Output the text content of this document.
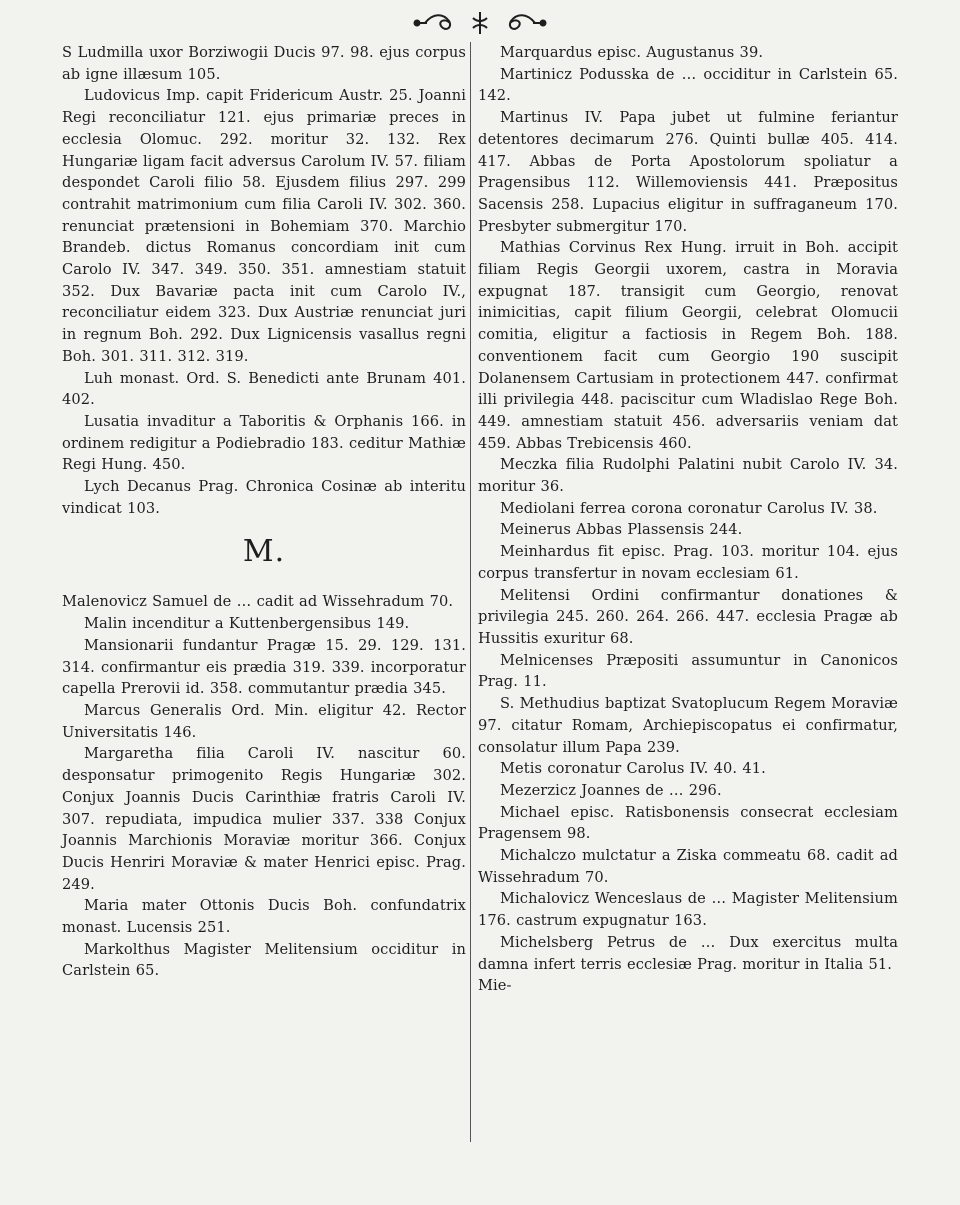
S Ludmilla uxor Borziwogii Ducis 97. 98. ejus corpus ab igne illæsum 105.

Ludovicus Imp. capit Fridericum Austr. 25. Joanni Regi reconciliatur 121. ejus primariæ preces in ecclesia Olomuc. 292. moritur 32. 132. Rex Hungariæ ligam facit adversus Carolum IV. 57. filiam despondet Caroli filio 58. Ejusdem filius 297. 299 contrahit matrimonium cum filia Caroli IV. 302. 360. renunciat prætensioni in Bohemiam 370. Marchio Brandeb. dictus Romanus concordiam init cum Carolo IV. 347. 349. 350. 351. amnestiam statuit 352. Dux Bavariæ pacta init cum Carolo IV., reconciliatur eidem 323. Dux Austriæ renunciat juri in regnum Boh. 292. Dux Lignicensis vasallus regni Boh. 301. 311. 312. 319.

Luh monast. Ord. S. Benedicti ante Brunam 401. 402.

Lusatia invaditur a Taboritis & Orphanis 166. in ordinem redigitur a Podiebradio 183. ceditur Mathiæ Regi Hung. 450.

Lych Decanus Prag. Chronica Cosinæ ab interitu vindicat 103.

M.

Malenovicz Samuel de … cadit ad Wissehradum 70.

Malin incenditur a Kuttenbergensibus 149.

Mansionarii fundantur Pragæ 15. 29. 129. 131. 314. confirmantur eis prædia 319. 339. incorporatur capella Prerovii id. 358. commutantur prædia 345.

Marcus Generalis Ord. Min. eligitur 42. Rector Universitatis 146.

Margaretha filia Caroli IV. nascitur 60. desponsatur primogenito Regis Hungariæ 302. Conjux Joannis Ducis Carinthiæ fratris Caroli IV. 307. repudiata, impudica mulier 337. 338 Conjux Joannis Marchionis Moraviæ moritur 366. Conjux Ducis Henriri Moraviæ & mater Henrici episc. Prag. 249.

Maria mater Ottonis Ducis Boh. confundatrix monast. Lucensis 251.

Markolthus Magister Melitensium occiditur in Carlstein 65.

Marquardus episc. Augustanus 39.

Martinicz Podusska de … occiditur in Carlstein 65. 142.

Martinus IV. Papa jubet ut fulmine feriantur detentores decimarum 276. Quinti bullæ 405. 414. 417. Abbas de Porta Apostolorum spoliatur a Pragensibus 112. Willemoviensis 441. Præpositus Sacensis 258. Lupacius eligitur in suffraganeum 170. Presbyter submergitur 170.

Mathias Corvinus Rex Hung. irruit in Boh. accipit filiam Regis Georgii uxorem, castra in Moravia expugnat 187. transigit cum Georgio, renovat inimicitias, capit filium Georgii, celebrat Olomucii comitia, eligitur a factiosis in Regem Boh. 188. conventionem facit cum Georgio 190 suscipit Dolanensem Cartusiam in protectionem 447. confirmat illi privilegia 448. paciscitur cum Wladislao Rege Boh. 449. amnestiam statuit 456. adversariis veniam dat 459. Abbas Trebicensis 460.

Meczka filia Rudolphi Palatini nubit Carolo IV. 34. moritur 36.

Mediolani ferrea corona coronatur Carolus IV. 38.

Meinerus Abbas Plassensis 244.

Meinhardus fit episc. Prag. 103. moritur 104. ejus corpus transfertur in novam ecclesiam 61.

Melitensi Ordini confirmantur donationes & privilegia 245. 260. 264. 266. 447. ecclesia Pragæ ab Hussitis exuritur 68.

Melnicenses Præpositi assumuntur in Canonicos Prag. 11.

S. Methudius baptizat Svatoplucum Regem Moraviæ 97. citatur Romam, Archiepiscopatus ei confirmatur, consolatur illum Papa 239.

Metis coronatur Carolus IV. 40. 41.

Mezerzicz Joannes de … 296.

Michael episc. Ratisbonensis consecrat ecclesiam Pragensem 98.

Michalczo mulctatur a Ziska commeatu 68. cadit ad Wissehradum 70.

Michalovicz Wenceslaus de … Magister Melitensium 176. castrum expugnatur 163.

Michelsberg Petrus de … Dux exercitus multa damna infert terris ecclesiæ Prag. moritur in Italia 51.

Mie-
